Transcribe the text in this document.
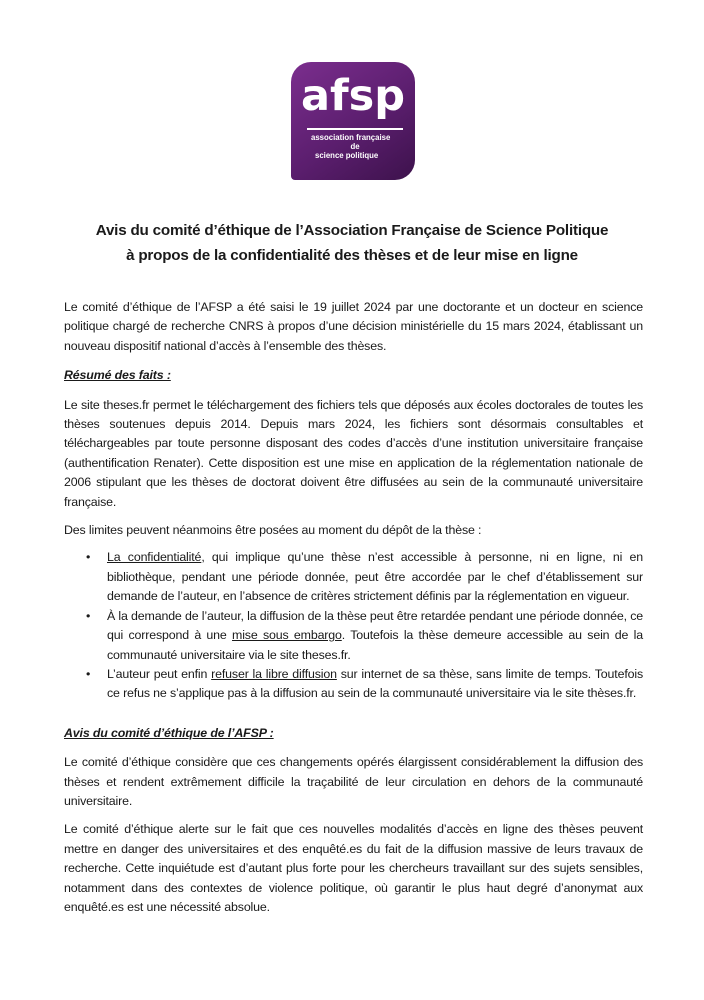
afsp
association française
de
science politique
Avis du comité d’éthique de l’Association Française de Science Politique
à propos de la confidentialité des thèses et de leur mise en ligne

Le comité d’éthique de l’AFSP a été saisi le 19 juillet 2024 par une doctorante et un docteur en science politique chargé de recherche CNRS à propos d’une décision ministérielle du 15 mars 2024, établissant un nouveau dispositif national d’accès à l’ensemble des thèses.

Résumé des faits :

Le site theses.fr permet le téléchargement des fichiers tels que déposés aux écoles doctorales de toutes les thèses soutenues depuis 2014. Depuis mars 2024, les fichiers sont désormais consultables et téléchargeables par toute personne disposant des codes d’accès d’une institution universitaire française (authentification Renater). Cette disposition est une mise en application de la réglementation nationale de 2006 stipulant que les thèses de doctorat doivent être diffusées au sein de la communauté universitaire française.

Des limites peuvent néanmoins être posées au moment du dépôt de la thèse :

• La confidentialité, qui implique qu’une thèse n’est accessible à personne, ni en ligne, ni en bibliothèque, pendant une période donnée, peut être accordée par le chef d’établissement sur demande de l’auteur, en l’absence de critères strictement définis par la réglementation en vigueur.
• À la demande de l’auteur, la diffusion de la thèse peut être retardée pendant une période donnée, ce qui correspond à une mise sous embargo. Toutefois la thèse demeure accessible au sein de la communauté universitaire via le site theses.fr.
• L’auteur peut enfin refuser la libre diffusion sur internet de sa thèse, sans limite de temps. Toutefois ce refus ne s’applique pas à la diffusion au sein de la communauté universitaire via le site thèses.fr.

Avis du comité d’éthique de l’AFSP :

Le comité d’éthique considère que ces changements opérés élargissent considérablement la diffusion des thèses et rendent extrêmement difficile la traçabilité de leur circulation en dehors de la communauté universitaire.

Le comité d’éthique alerte sur le fait que ces nouvelles modalités d’accès en ligne des thèses peuvent mettre en danger des universitaires et des enquêté.es du fait de la diffusion massive de leurs travaux de recherche. Cette inquiétude est d’autant plus forte pour les chercheurs travaillant sur des sujets sensibles, notamment dans des contextes de violence politique, où garantir le plus haut degré d’anonymat aux enquêté.es est une nécessité absolue.
